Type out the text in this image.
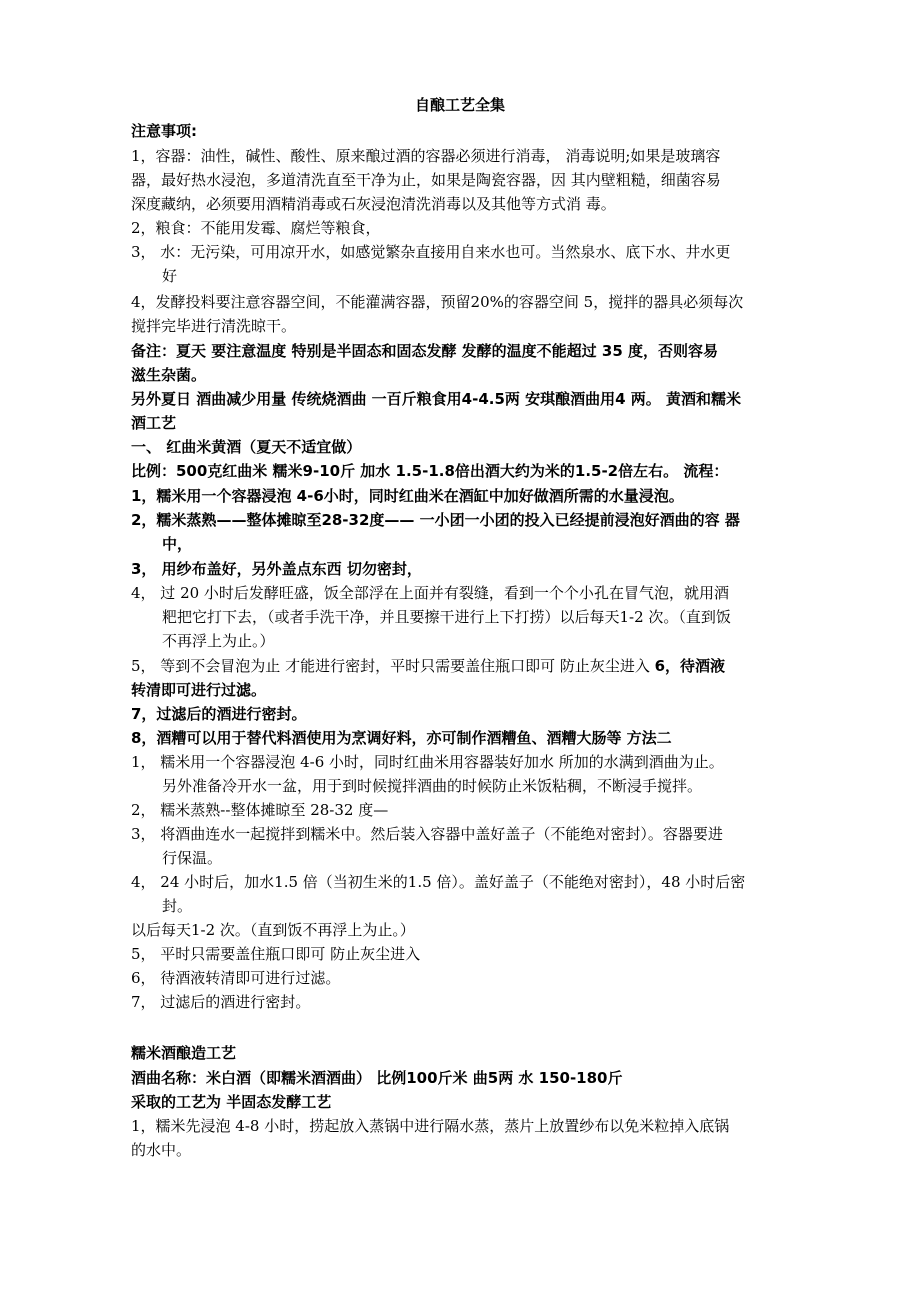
自酿工艺全集
注意事项:
1，容器：油性，碱性、酸性、原来酿过酒的容器必须进行消毒， 消毒说明;如果是玻璃容
器，最好热水浸泡，多道清洗直至干净为止，如果是陶瓷容器，因 其内壁粗糙，细菌容易
深度藏纳，必须要用酒精消毒或石灰浸泡清洗消毒以及其他等方式消 毒。
2，粮食：不能用发霉、腐烂等粮食，
3， 水：无污染，可用凉开水，如感觉繁杂直接用自来水也可。当然泉水、底下水、井水更
好
4，发酵投料要注意容器空间，不能灌满容器，预留20%的容器空间 5，搅拌的器具必须每次
搅拌完毕进行清洗晾干。
备注：夏天 要注意温度 特别是半固态和固态发酵 发酵的温度不能超过 35 度，否则容易
滋生杂菌。
另外夏日 酒曲减少用量 传统烧酒曲 一百斤粮食用4-4.5两 安琪酿酒曲用4 两。 黄酒和糯米
酒工艺
一、 红曲米黄酒（夏天不适宜做）
比例：500克红曲米 糯米9-10斤 加水 1.5-1.8倍出酒大约为米的1.5-2倍左右。 流程：
1，糯米用一个容器浸泡 4-6小时，同时红曲米在酒缸中加好做酒所需的水量浸泡。
2，糯米蒸熟——整体摊晾至28-32度—— 一小团一小团的投入已经提前浸泡好酒曲的容 器
中，
3， 用纱布盖好，另外盖点东西 切勿密封，
4， 过 20 小时后发酵旺盛，饭全部浮在上面并有裂缝，看到一个个小孔在冒气泡，就用酒
粑把它打下去，（或者手洗干净，并且要擦干进行上下打捞）以后每天1-2 次。（直到饭
不再浮上为止。）
5， 等到不会冒泡为止 才能进行密封，平时只需要盖住瓶口即可 防止灰尘进入 6，待酒液
转清即可进行过滤。
7，过滤后的酒进行密封。
8，酒糟可以用于替代料酒使用为烹调好料，亦可制作酒糟鱼、酒糟大肠等 方法二
1， 糯米用一个容器浸泡 4-6 小时，同时红曲米用容器装好加水 所加的水满到酒曲为止。
另外准备冷开水一盆，用于到时候搅拌酒曲的时候防止米饭粘稠，不断浸手搅拌。
2， 糯米蒸熟--整体摊晾至 28-32 度—
3， 将酒曲连水一起搅拌到糯米中。然后装入容器中盖好盖子（不能绝对密封）。容器要进
行保温。
4， 24 小时后，加水1.5 倍（当初生米的1.5 倍）。盖好盖子（不能绝对密封），48 小时后密
封。
以后每天1-2 次。（直到饭不再浮上为止。）
5， 平时只需要盖住瓶口即可 防止灰尘进入
6， 待酒液转清即可进行过滤。
7， 过滤后的酒进行密封。
糯米酒酿造工艺
酒曲名称：米白酒（即糯米酒酒曲） 比例100斤米 曲5两 水 150-180斤
采取的工艺为 半固态发酵工艺
1，糯米先浸泡 4-8 小时，捞起放入蒸锅中进行隔水蒸，蒸片上放置纱布以免米粒掉入底锅
的水中。
